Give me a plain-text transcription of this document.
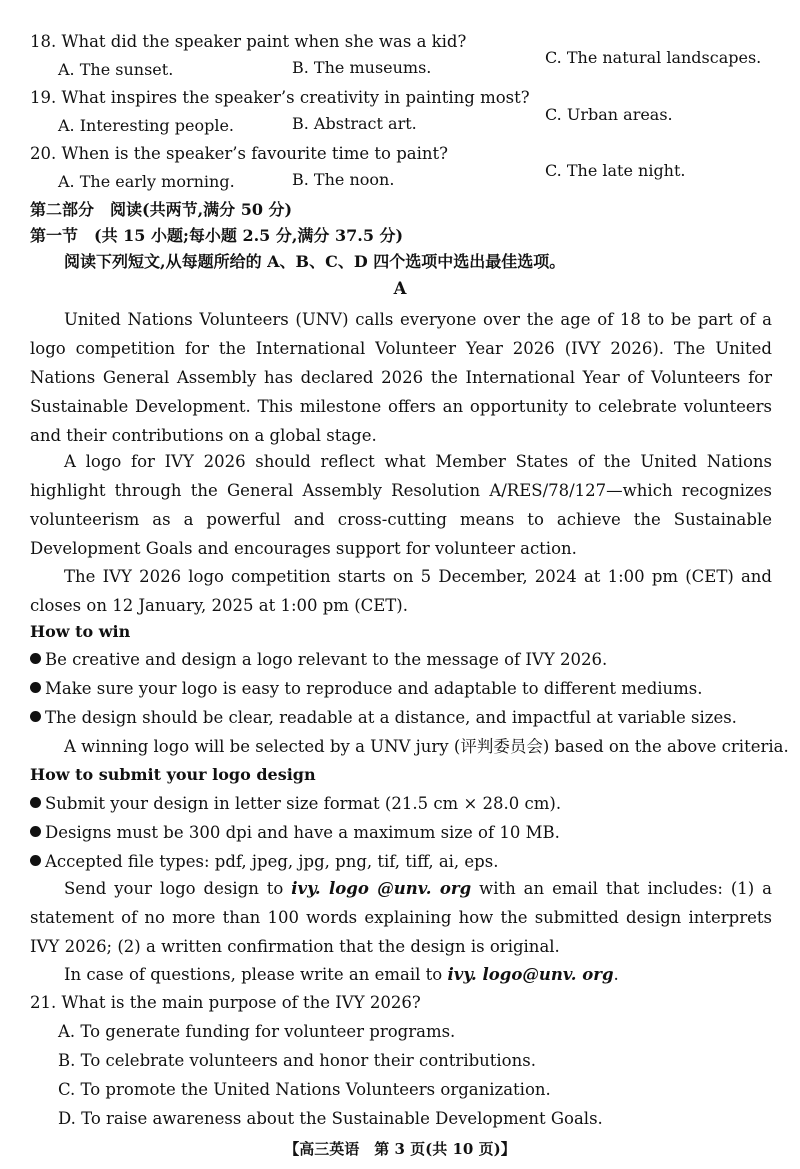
18. What did the speaker paint when she was a kid?
C. The natural landscapes.
A. The sunset.	B. The museums.
19. What inspires the speaker’s creativity in painting most?
C. Urban areas.
A. Interesting people.	B. Abstract art.
20. When is the speaker’s favourite time to paint?
C. The late night.
A. The early morning.	B. The noon.
第二部分　阅读(共两节,满分 50 分)
第一节　(共 15 小题;每小题 2.5 分,满分 37.5 分)
阅读下列短文,从每题所给的 A、B、C、D 四个选项中选出最佳选项。
A
United Nations Volunteers (UNV) calls everyone over the age of 18 to be part of a logo competition for the International Volunteer Year 2026 (IVY 2026). The United Nations General Assembly has declared 2026 the International Year of Volunteers for Sustainable Development. This milestone offers an opportunity to celebrate volunteers and their contributions on a global stage.
A logo for IVY 2026 should reflect what Member States of the United Nations highlight through the General Assembly Resolution A/RES/78/127—which recognizes volunteerism as a powerful and cross-cutting means to achieve the Sustainable Development Goals and encourages support for volunteer action.
The IVY 2026 logo competition starts on 5 December, 2024 at 1:00 pm (CET) and closes on 12 January, 2025 at 1:00 pm (CET).
How to win
Be creative and design a logo relevant to the message of IVY 2026.
Make sure your logo is easy to reproduce and adaptable to different mediums.
The design should be clear, readable at a distance, and impactful at variable sizes.
A winning logo will be selected by a UNV jury (评判委员会) based on the above criteria.
How to submit your logo design
Submit your design in letter size format (21.5 cm × 28.0 cm).
Designs must be 300 dpi and have a maximum size of 10 MB.
Accepted file types: pdf, jpeg, jpg, png, tif, tiff, ai, eps.
Send your logo design to ivy. logo @unv. org with an email that includes: (1) a statement of no more than 100 words explaining how the submitted design interprets IVY 2026; (2) a written confirmation that the design is original.
In case of questions, please write an email to ivy. logo@unv. org.
21. What is the main purpose of the IVY 2026?
A. To generate funding for volunteer programs.
B. To celebrate volunteers and honor their contributions.
C. To promote the United Nations Volunteers organization.
D. To raise awareness about the Sustainable Development Goals.
【高三英语　第 3 页(共 10 页)】
